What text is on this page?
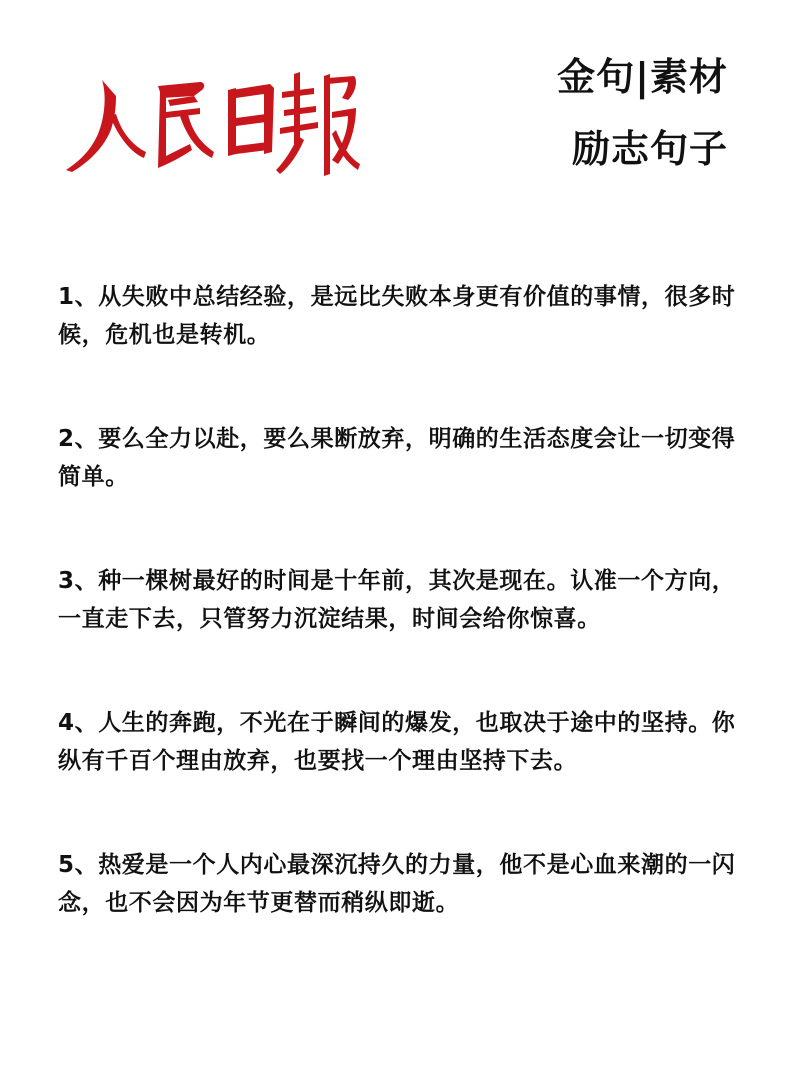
金句|素材
励志句子

1、从失败中总结经验，是远比失败本身更有价值的事情，很多时候，危机也是转机。

2、要么全力以赴，要么果断放弃，明确的生活态度会让一切变得简单。

3、种一棵树最好的时间是十年前，其次是现在。认准一个方向，一直走下去，只管努力沉淀结果，时间会给你惊喜。

4、人生的奔跑，不光在于瞬间的爆发，也取决于途中的坚持。你纵有千百个理由放弃，也要找一个理由坚持下去。

5、热爱是一个人内心最深沉持久的力量，他不是心血来潮的一闪念，也不会因为年节更替而稍纵即逝。
